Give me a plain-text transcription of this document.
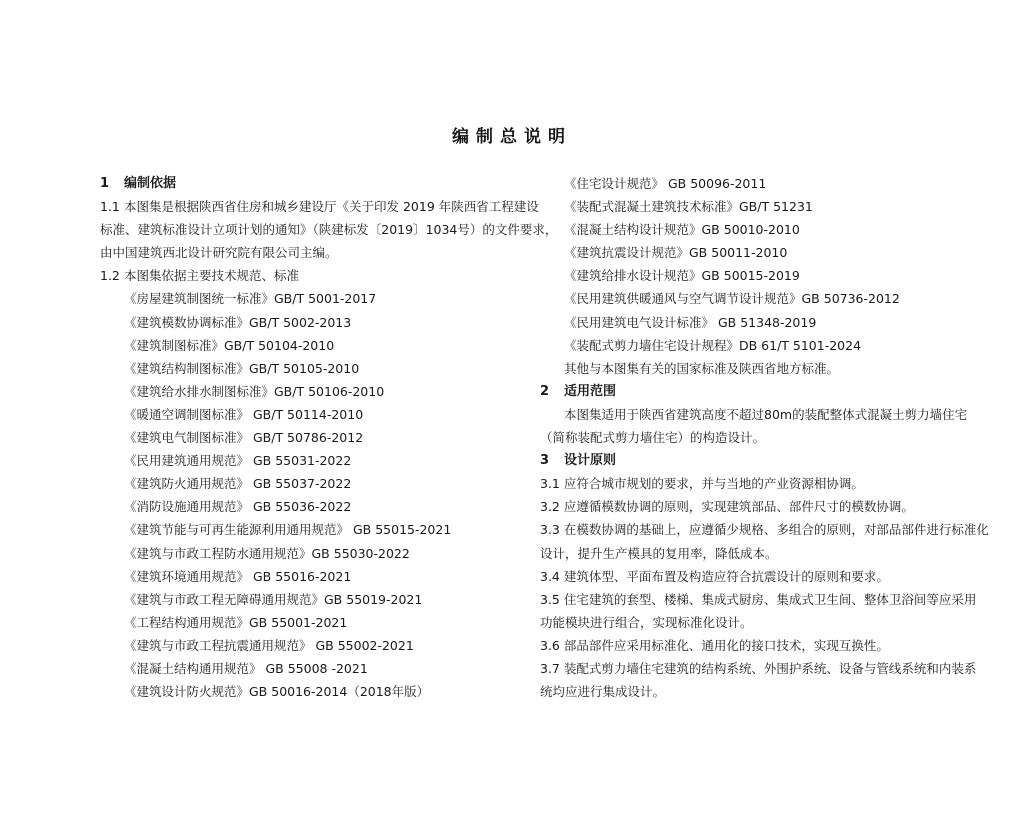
编制总说明
1 编制依据
1.1 本图集是根据陕西省住房和城乡建设厅《关于印发 2019 年陕西省工程建设
标准、建筑标准设计立项计划的通知》（陕建标发〔2019〕1034号）的文件要求，
由中国建筑西北设计研究院有限公司主编。
1.2 本图集依据主要技术规范、标准
《房屋建筑制图统一标准》GB/T 5001-2017
《建筑模数协调标准》GB/T 5002-2013
《建筑制图标准》GB/T 50104-2010
《建筑结构制图标准》GB/T 50105-2010
《建筑给水排水制图标准》GB/T 50106-2010
《暖通空调制图标准》 GB/T 50114-2010
《建筑电气制图标准》 GB/T 50786-2012
《民用建筑通用规范》 GB 55031-2022
《建筑防火通用规范》 GB 55037-2022
《消防设施通用规范》 GB 55036-2022
《建筑节能与可再生能源利用通用规范》 GB 55015-2021
《建筑与市政工程防水通用规范》GB 55030-2022
《建筑环境通用规范》 GB 55016-2021
《建筑与市政工程无障碍通用规范》GB 55019-2021
《工程结构通用规范》GB 55001-2021
《建筑与市政工程抗震通用规范》 GB 55002-2021
《混凝土结构通用规范》 GB 55008 -2021
《建筑设计防火规范》GB 50016-2014（2018年版）
《住宅设计规范》 GB 50096-2011
《装配式混凝土建筑技术标准》GB/T 51231
《混凝土结构设计规范》GB 50010-2010
《建筑抗震设计规范》GB 50011-2010
《建筑给排水设计规范》GB 50015-2019
《民用建筑供暖通风与空气调节设计规范》GB 50736-2012
《民用建筑电气设计标准》 GB 51348-2019
《装配式剪力墙住宅设计规程》DB 61/T 5101-2024
其他与本图集有关的国家标准及陕西省地方标准。
2 适用范围
本图集适用于陕西省建筑高度不超过80m的装配整体式混凝土剪力墙住宅
（简称装配式剪力墙住宅）的构造设计。
3 设计原则
3.1 应符合城市规划的要求，并与当地的产业资源相协调。
3.2 应遵循模数协调的原则，实现建筑部品、部件尺寸的模数协调。
3.3 在模数协调的基础上，应遵循少规格、多组合的原则，对部品部件进行标准化
设计，提升生产模具的复用率，降低成本。
3.4 建筑体型、平面布置及构造应符合抗震设计的原则和要求。
3.5 住宅建筑的套型、楼梯、集成式厨房、集成式卫生间、整体卫浴间等应采用
功能模块进行组合，实现标准化设计。
3.6 部品部件应采用标准化、通用化的接口技术，实现互换性。
3.7 装配式剪力墙住宅建筑的结构系统、外围护系统、设备与管线系统和内装系
统均应进行集成设计。
